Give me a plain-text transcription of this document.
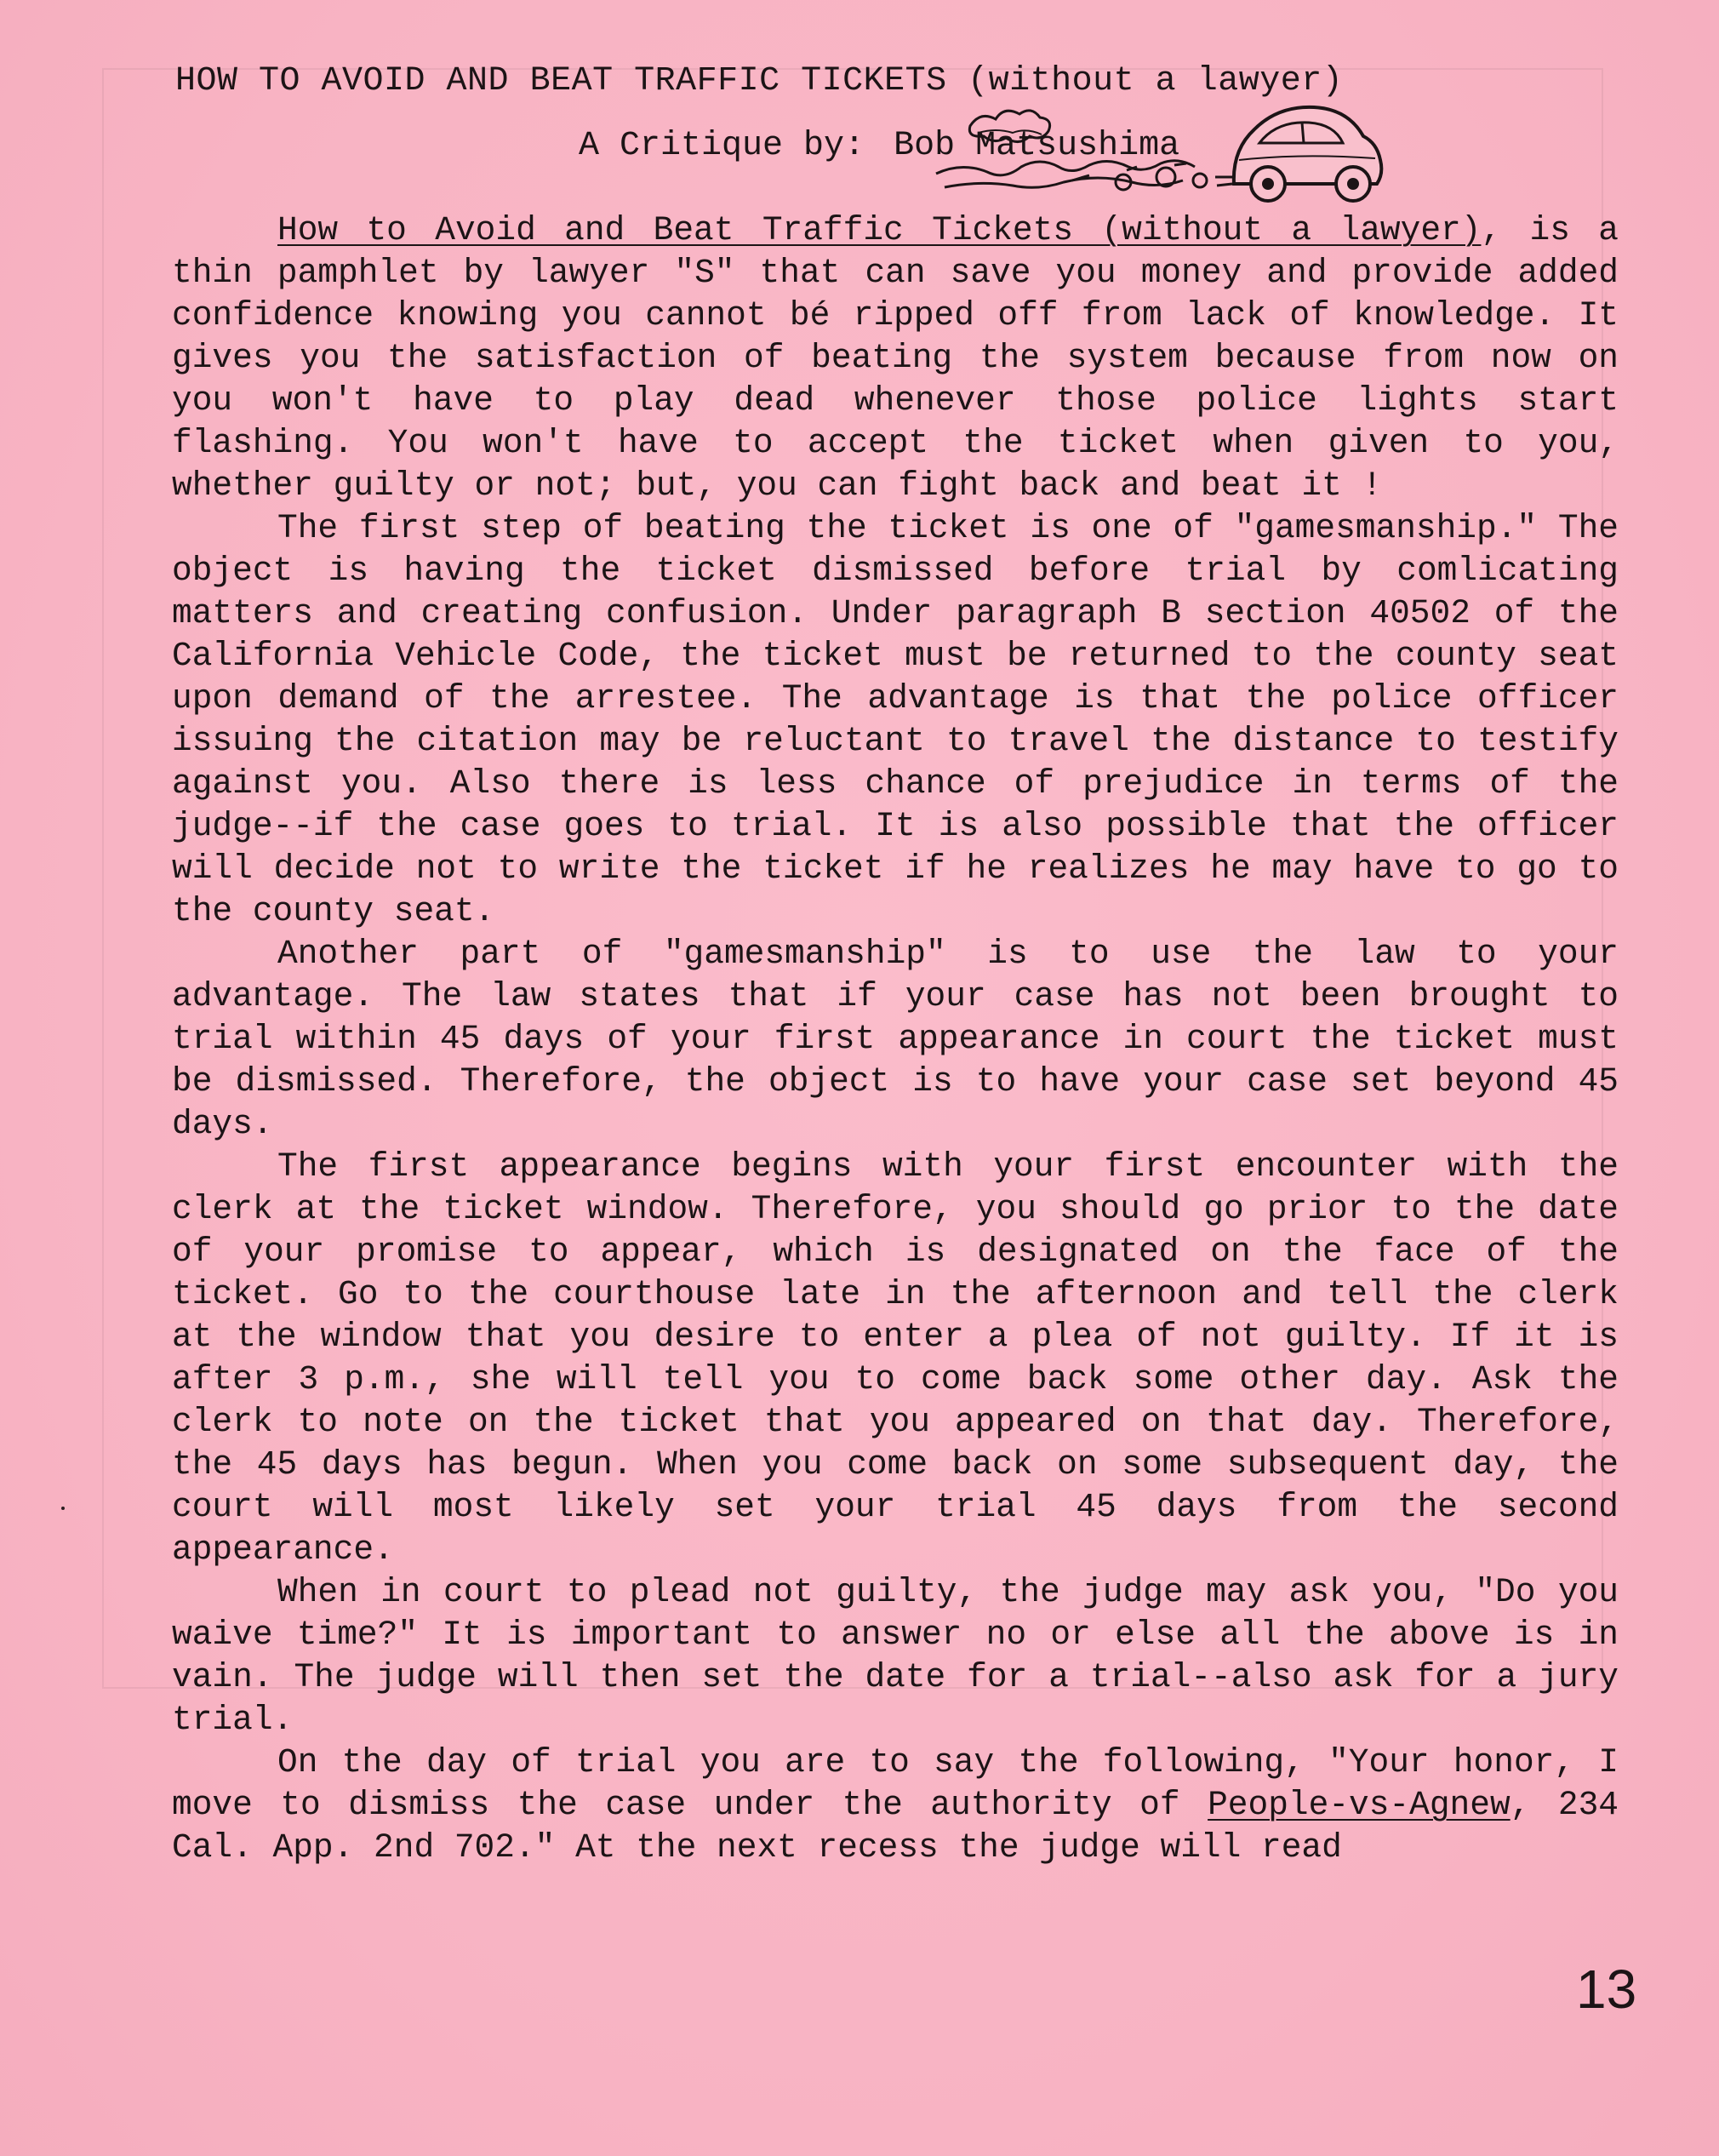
HOW TO AVOID AND BEAT TRAFFIC TICKETS (without a lawyer)
A Critique by: Bob Matsushima

How to Avoid and Beat Traffic Tickets (without a lawyer), is a thin pamphlet by lawyer "S" that can save you money and provide added confidence knowing you cannot bé ripped off from lack of knowledge. It gives you the satisfaction of beating the system because from now on you won't have to play dead whenever those police lights start flashing. You won't have to accept the ticket when given to you, whether guilty or not; but, you can fight back and beat it !

The first step of beating the ticket is one of "gamesmanship." The object is having the ticket dismissed before trial by comlicating matters and creating confusion. Under paragraph B section 40502 of the California Vehicle Code, the ticket must be returned to the county seat upon demand of the arrestee. The advantage is that the police officer issuing the citation may be reluctant to travel the distance to testify against you. Also there is less chance of prejudice in terms of the judge--if the case goes to trial. It is also possible that the officer will decide not to write the ticket if he realizes he may have to go to the county seat.

Another part of "gamesmanship" is to use the law to your advantage. The law states that if your case has not been brought to trial within 45 days of your first appearance in court the ticket must be dismissed. Therefore, the object is to have your case set beyond 45 days.

The first appearance begins with your first encounter with the clerk at the ticket window. Therefore, you should go prior to the date of your promise to appear, which is designated on the face of the ticket. Go to the courthouse late in the afternoon and tell the clerk at the window that you desire to enter a plea of not guilty. If it is after 3 p.m., she will tell you to come back some other day. Ask the clerk to note on the ticket that you appeared on that day. Therefore, the 45 days has begun. When you come back on some subsequent day, the court will most likely set your trial 45 days from the second appearance.

When in court to plead not guilty, the judge may ask you, "Do you waive time?" It is important to answer no or else all the above is in vain. The judge will then set the date for a trial--also ask for a jury trial.

On the day of trial you are to say the following, "Your honor, I move to dismiss the case under the authority of People-vs-Agnew, 234 Cal. App. 2nd 702." At the next recess the judge will read

13
